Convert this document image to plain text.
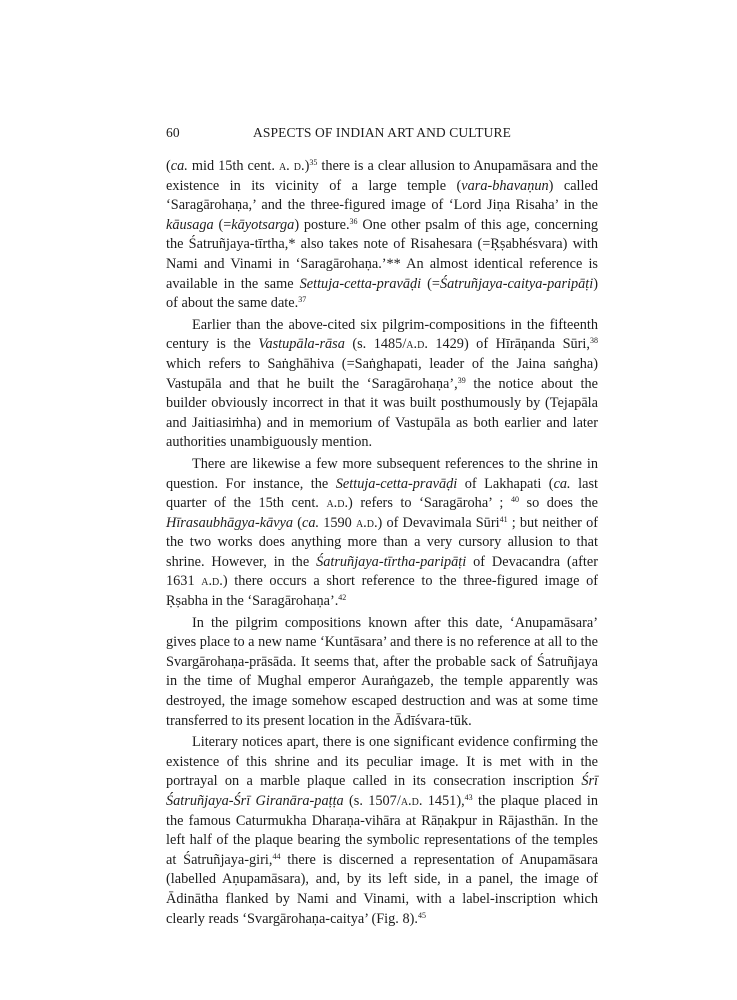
60	ASPECTS OF INDIAN ART AND CULTURE

(ca. mid 15th cent. a. d.)$^{35}$ there is a clear allusion to Anupamāsara and the existence in its vicinity of a large temple (vara-bhavaṇun) called ‘Saragārohaṇa,’ and the three-figured image of ‘Lord Jiṇa Risaha’ in the kāusaga (=kāyotsarga) posture.$^{36}$ One other psalm of this age, concerning the Śatruñjaya-tīrtha,* also takes note of Risahesara (=Ṛṣabhésvara) with Nami and Vinami in ‘Saragārohaṇa.’** An almost identical reference is available in the same Settuja-cetta-pravāḍi (=Śatruñjaya-caitya-paripāṭi) of about the same date.$^{37}$

Earlier than the above-cited six pilgrim-compositions in the fifteenth century is the Vastupāla-rāsa (s. 1485/a.d. 1429) of Hīrāṇanda Sūri,$^{38}$ which refers to Saṅghāhiva (=Saṅghapati, leader of the Jaina saṅgha) Vastupāla and that he built the ‘Saragārohaṇa’,$^{39}$ the notice about the builder obviously incorrect in that it was built posthumously by (Tejapāla and Jaitiasiṁha) and in memorium of Vastupāla as both earlier and later authorities unambiguously mention.

There are likewise a few more subsequent references to the shrine in question. For instance, the Settuja-cetta-pravāḍi of Lakhapati (ca. last quarter of the 15th cent. a.d.) refers to ‘Saragāroha’ ; $^{40}$ so does the Hīrasaubhāgya-kāvya (ca. 1590 a.d.) of Devavimala Sūri$^{41}$ ; but neither of the two works does anything more than a very cursory allusion to that shrine. However, in the Śatruñjaya-tīrtha-paripāṭi of Devacandra (after 1631 a.d.) there occurs a short reference to the three-figured image of Ṛṣabha in the ‘Saragārohaṇa’.$^{42}$

In the pilgrim compositions known after this date, ‘Anupamāsara’ gives place to a new name ‘Kuntāsara’ and there is no reference at all to the Svargārohaṇa-prāsāda. It seems that, after the probable sack of Śatruñjaya in the time of Mughal emperor Auraṅgazeb, the temple apparently was destroyed, the image somehow escaped destruction and was at some time transferred to its present location in the Ādīśvara-tūk.

Literary notices apart, there is one significant evidence confirming the existence of this shrine and its peculiar image. It is met with in the portrayal on a marble plaque called in its consecration inscription Śrī Śatruñjaya-Śrī Giranāra-paṭṭa (s. 1507/a.d. 1451),$^{43}$ the plaque placed in the famous Caturmukha Dharaṇa-vihāra at Rāṇakpur in Rājasthān. In the left half of the plaque bearing the symbolic representations of the temples at Śatruñjaya-giri,$^{44}$ there is discerned a representation of Anupamāsara (labelled Aṇupamāsara), and, by its left side, in a panel, the image of Ādinātha flanked by Nami and Vinami, with a label-inscription which clearly reads ‘Svargārohaṇa-caitya’ (Fig. 8).$^{45}$
